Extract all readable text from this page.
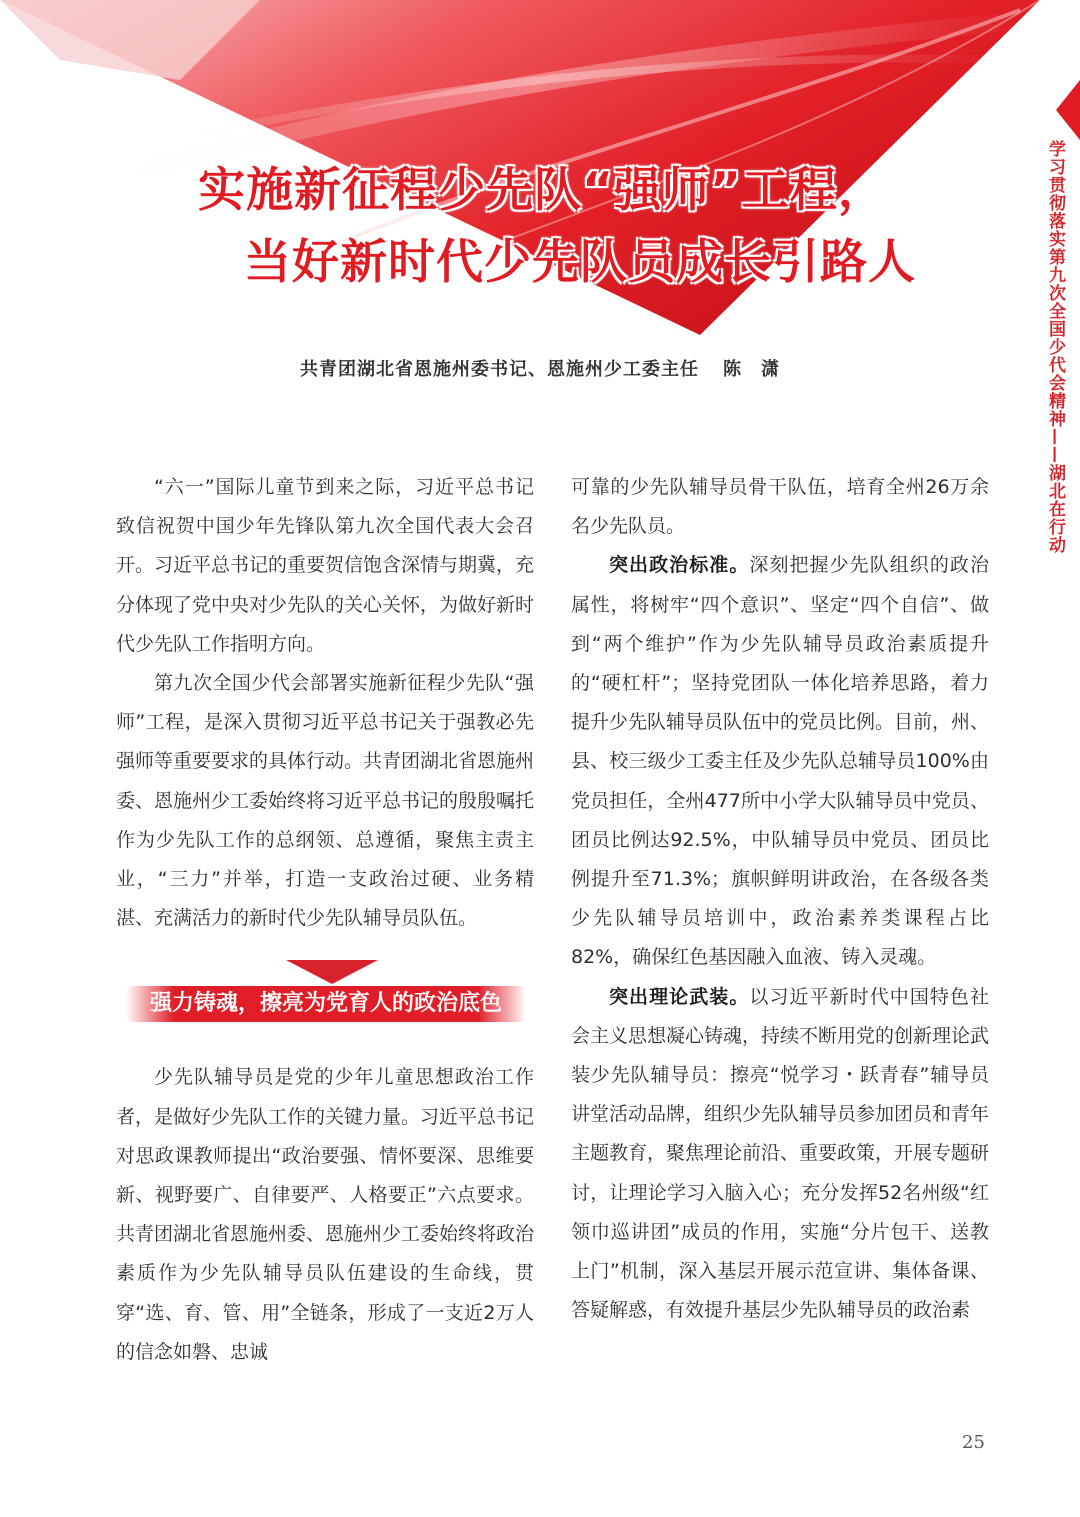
实施新征程少先队“强师”工程，
当好新时代少先队员成长引路人
共青团湖北省恩施州委书记、恩施州少工委主任 陈　潇	学习贯彻落实第九次全国少代会精神——湖北在行动

“六一”国际儿童节到来之际，习近平总书记致信祝贺中国少年先锋队第九次全国代表大会召开。习近平总书记的重要贺信饱含深情与期冀，充分体现了党中央对少先队的关心关怀，为做好新时代少先队工作指明方向。

第九次全国少代会部署实施新征程少先队“强师”工程，是深入贯彻习近平总书记关于强教必先强师等重要要求的具体行动。共青团湖北省恩施州委、恩施州少工委始终将习近平总书记的殷殷嘱托作为少先队工作的总纲领、总遵循，聚焦主责主业，“三力”并举，打造一支政治过硬、业务精湛、充满活力的新时代少先队辅导员队伍。

强力铸魂，擦亮为党育人的政治底色

少先队辅导员是党的少年儿童思想政治工作者，是做好少先队工作的关键力量。习近平总书记对思政课教师提出“政治要强、情怀要深、思维要新、视野要广、自律要严、人格要正”六点要求。共青团湖北省恩施州委、恩施州少工委始终将政治素质作为少先队辅导员队伍建设的生命线，贯穿“选、育、管、用”全链条，形成了一支近2万人的信念如磐、忠诚

可靠的少先队辅导员骨干队伍，培育全州26万余名少先队员。

突出政治标准。深刻把握少先队组织的政治属性，将树牢“四个意识”、坚定“四个自信”、做到“两个维护”作为少先队辅导员政治素质提升的“硬杠杆”；坚持党团队一体化培养思路，着力提升少先队辅导员队伍中的党员比例。目前，州、县、校三级少工委主任及少先队总辅导员100%由党员担任，全州477所中小学大队辅导员中党员、团员比例达92.5%，中队辅导员中党员、团员比例提升至71.3%；旗帜鲜明讲政治，在各级各类少先队辅导员培训中，政治素养类课程占比82%，确保红色基因融入血液、铸入灵魂。

突出理论武装。以习近平新时代中国特色社会主义思想凝心铸魂，持续不断用党的创新理论武装少先队辅导员：擦亮“悦学习・跃青春”辅导员讲堂活动品牌，组织少先队辅导员参加团员和青年主题教育，聚焦理论前沿、重要政策，开展专题研讨，让理论学习入脑入心；充分发挥52名州级“红领巾巡讲团”成员的作用，实施“分片包干、送教上门”机制，深入基层开展示范宣讲、集体备课、答疑解惑，有效提升基层少先队辅导员的政治素

25
